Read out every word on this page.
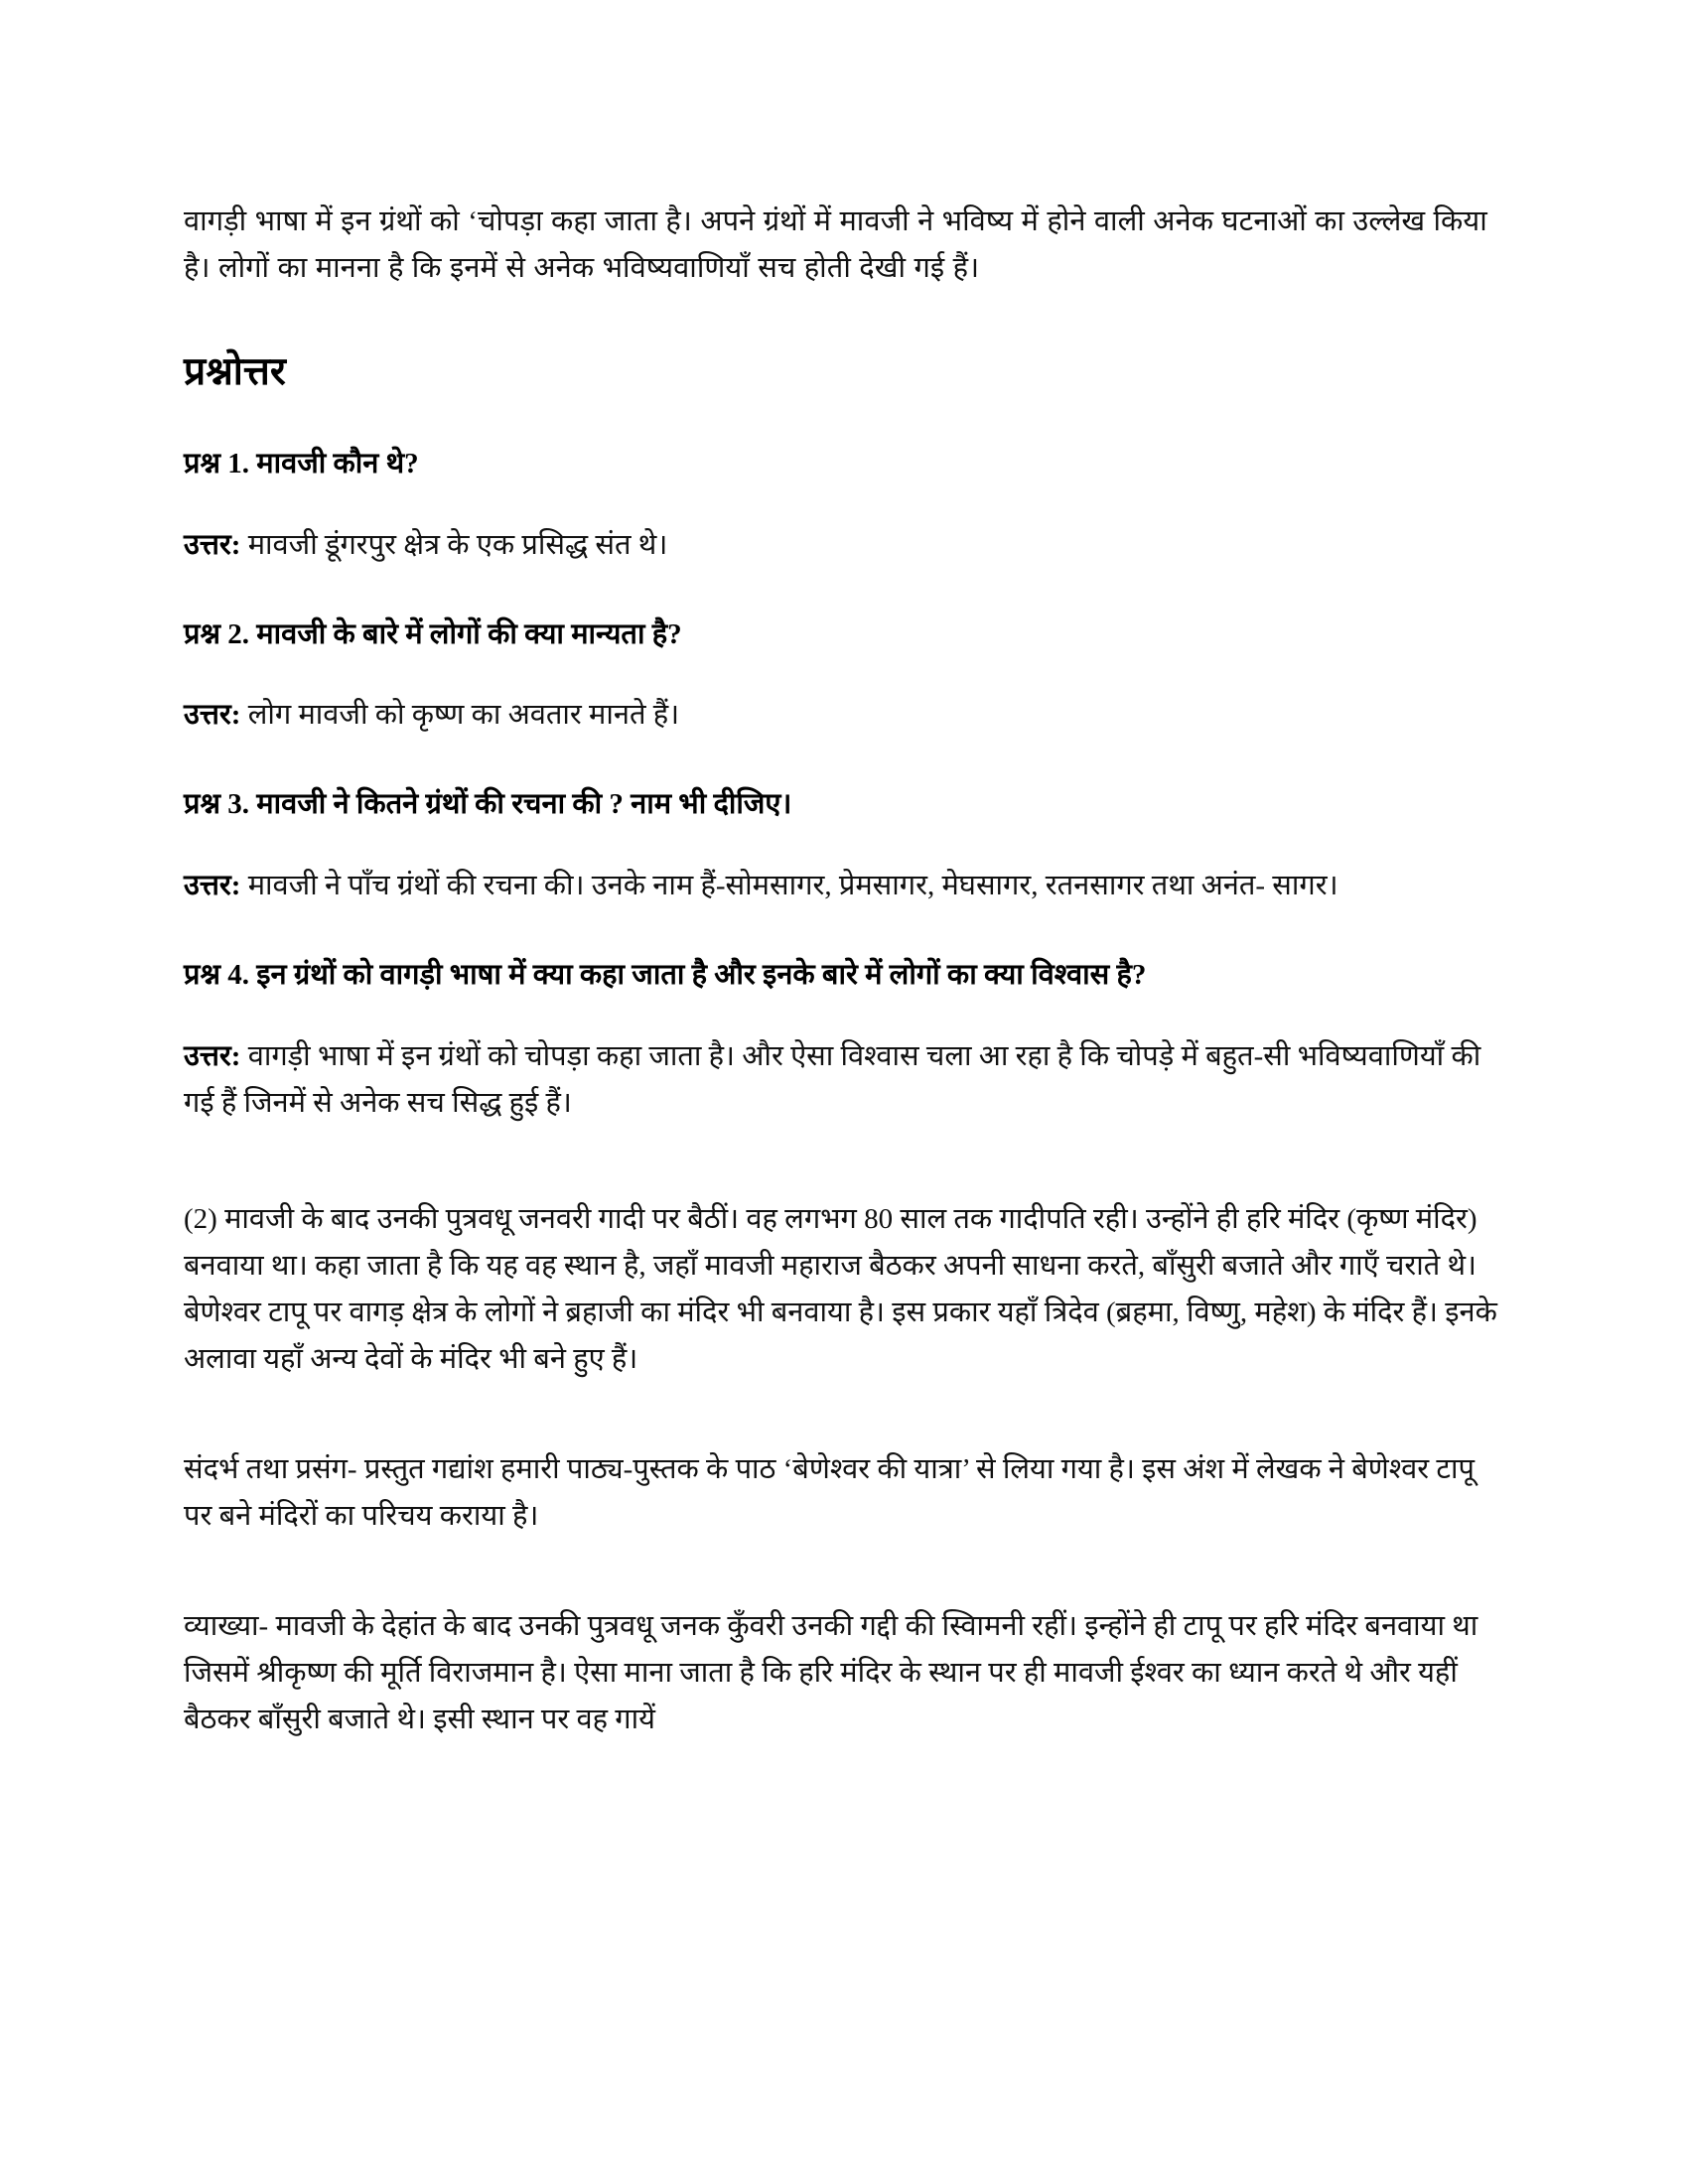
वागड़ी भाषा में इन ग्रंथों को ‘चोपड़ा कहा जाता है। अपने ग्रंथों में मावजी ने भविष्य में होने वाली अनेक घटनाओं का उल्लेख किया है। लोगों का मानना है कि इनमें से अनेक भविष्यवाणियाँ सच होती देखी गई हैं।

प्रश्नोत्तर

प्रश्न 1. मावजी कौन थे?

उत्तर: मावजी डूंगरपुर क्षेत्र के एक प्रसिद्ध संत थे।

प्रश्न 2. मावजी के बारे में लोगों की क्या मान्यता है?

उत्तर: लोग मावजी को कृष्ण का अवतार मानते हैं।

प्रश्न 3. मावजी ने कितने ग्रंथों की रचना की ? नाम भी दीजिए।

उत्तर: मावजी ने पाँच ग्रंथों की रचना की। उनके नाम हैं-सोमसागर, प्रेमसागर, मेघसागर, रतनसागर तथा अनंत- सागर।

प्रश्न 4. इन ग्रंथों को वागड़ी भाषा में क्या कहा जाता है और इनके बारे में लोगों का क्या विश्वास है?

उत्तर: वागड़ी भाषा में इन ग्रंथों को चोपड़ा कहा जाता है। और ऐसा विश्वास चला आ रहा है कि चोपड़े में बहुत-सी भविष्यवाणियाँ की गई हैं जिनमें से अनेक सच सिद्ध हुई हैं।

(2) मावजी के बाद उनकी पुत्रवधू जनवरी गादी पर बैठीं। वह लगभग 80 साल तक गादीपति रही। उन्होंने ही हरि मंदिर (कृष्ण मंदिर) बनवाया था। कहा जाता है कि यह वह स्थान है, जहाँ मावजी महाराज बैठकर अपनी साधना करते, बाँसुरी बजाते और गाएँ चराते थे। बेणेश्वर टापू पर वागड़ क्षेत्र के लोगों ने ब्रहाजी का मंदिर भी बनवाया है। इस प्रकार यहाँ त्रिदेव (ब्रहमा, विष्णु, महेश) के मंदिर हैं। इनके अलावा यहाँ अन्य देवों के मंदिर भी बने हुए हैं।

संदर्भ तथा प्रसंग- प्रस्तुत गद्यांश हमारी पाठ्य-पुस्तक के पाठ ‘बेणेश्वर की यात्रा’ से लिया गया है। इस अंश में लेखक ने बेणेश्वर टापू पर बने मंदिरों का परिचय कराया है।

व्याख्या- मावजी के देहांत के बाद उनकी पुत्रवधू जनक कुँवरी उनकी गद्दी की स्वािमनी रहीं। इन्होंने ही टापू पर हरि मंदिर बनवाया था जिसमें श्रीकृष्ण की मूर्ति विराजमान है। ऐसा माना जाता है कि हरि मंदिर के स्थान पर ही मावजी ईश्वर का ध्यान करते थे और यहीं बैठकर बाँसुरी बजाते थे। इसी स्थान पर वह गायें
